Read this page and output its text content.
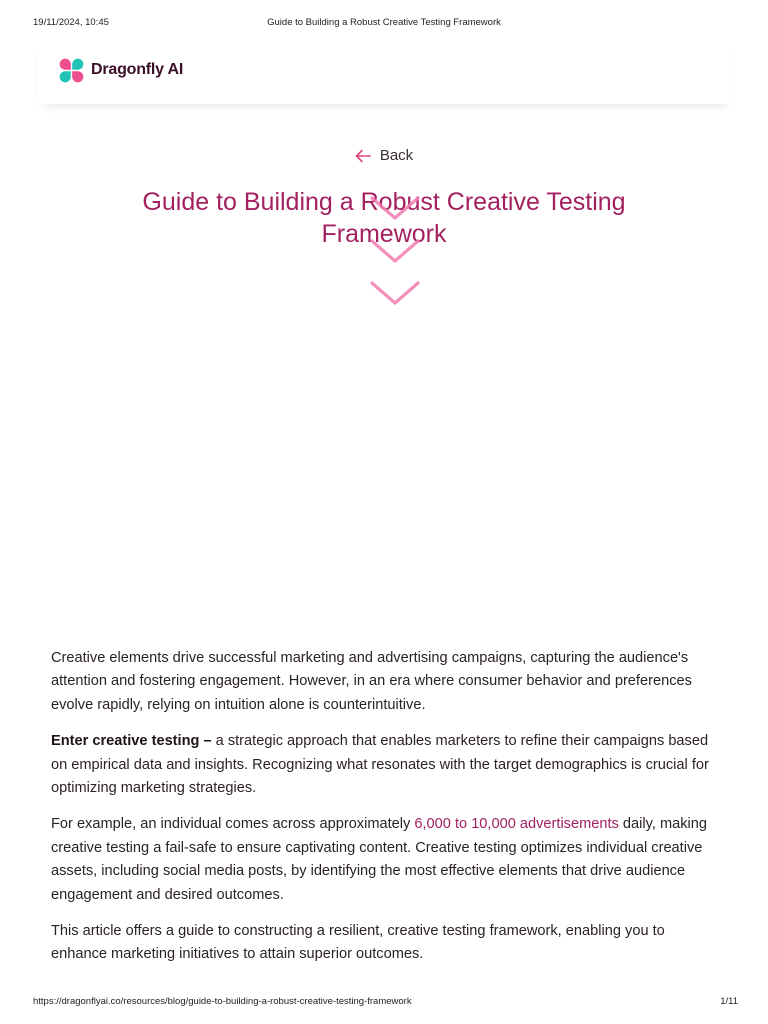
19/11/2024, 10:45	Guide to Building a Robust Creative Testing Framework
Dragonfly AI
Back
Guide to Building a Robust Creative Testing Framework

Creative elements drive successful marketing and advertising campaigns, capturing the audience's attention and fostering engagement. However, in an era where consumer behavior and preferences evolve rapidly, relying on intuition alone is counterintuitive.

Enter creative testing – a strategic approach that enables marketers to refine their campaigns based on empirical data and insights. Recognizing what resonates with the target demographics is crucial for optimizing marketing strategies.

For example, an individual comes across approximately 6,000 to 10,000 advertisements daily, making creative testing a fail-safe to ensure captivating content. Creative testing optimizes individual creative assets, including social media posts, by identifying the most effective elements that drive audience engagement and desired outcomes.

This article offers a guide to constructing a resilient, creative testing framework, enabling you to enhance marketing initiatives to attain superior outcomes.

https://dragonflyai.co/resources/blog/guide-to-building-a-robust-creative-testing-framework	1/11
